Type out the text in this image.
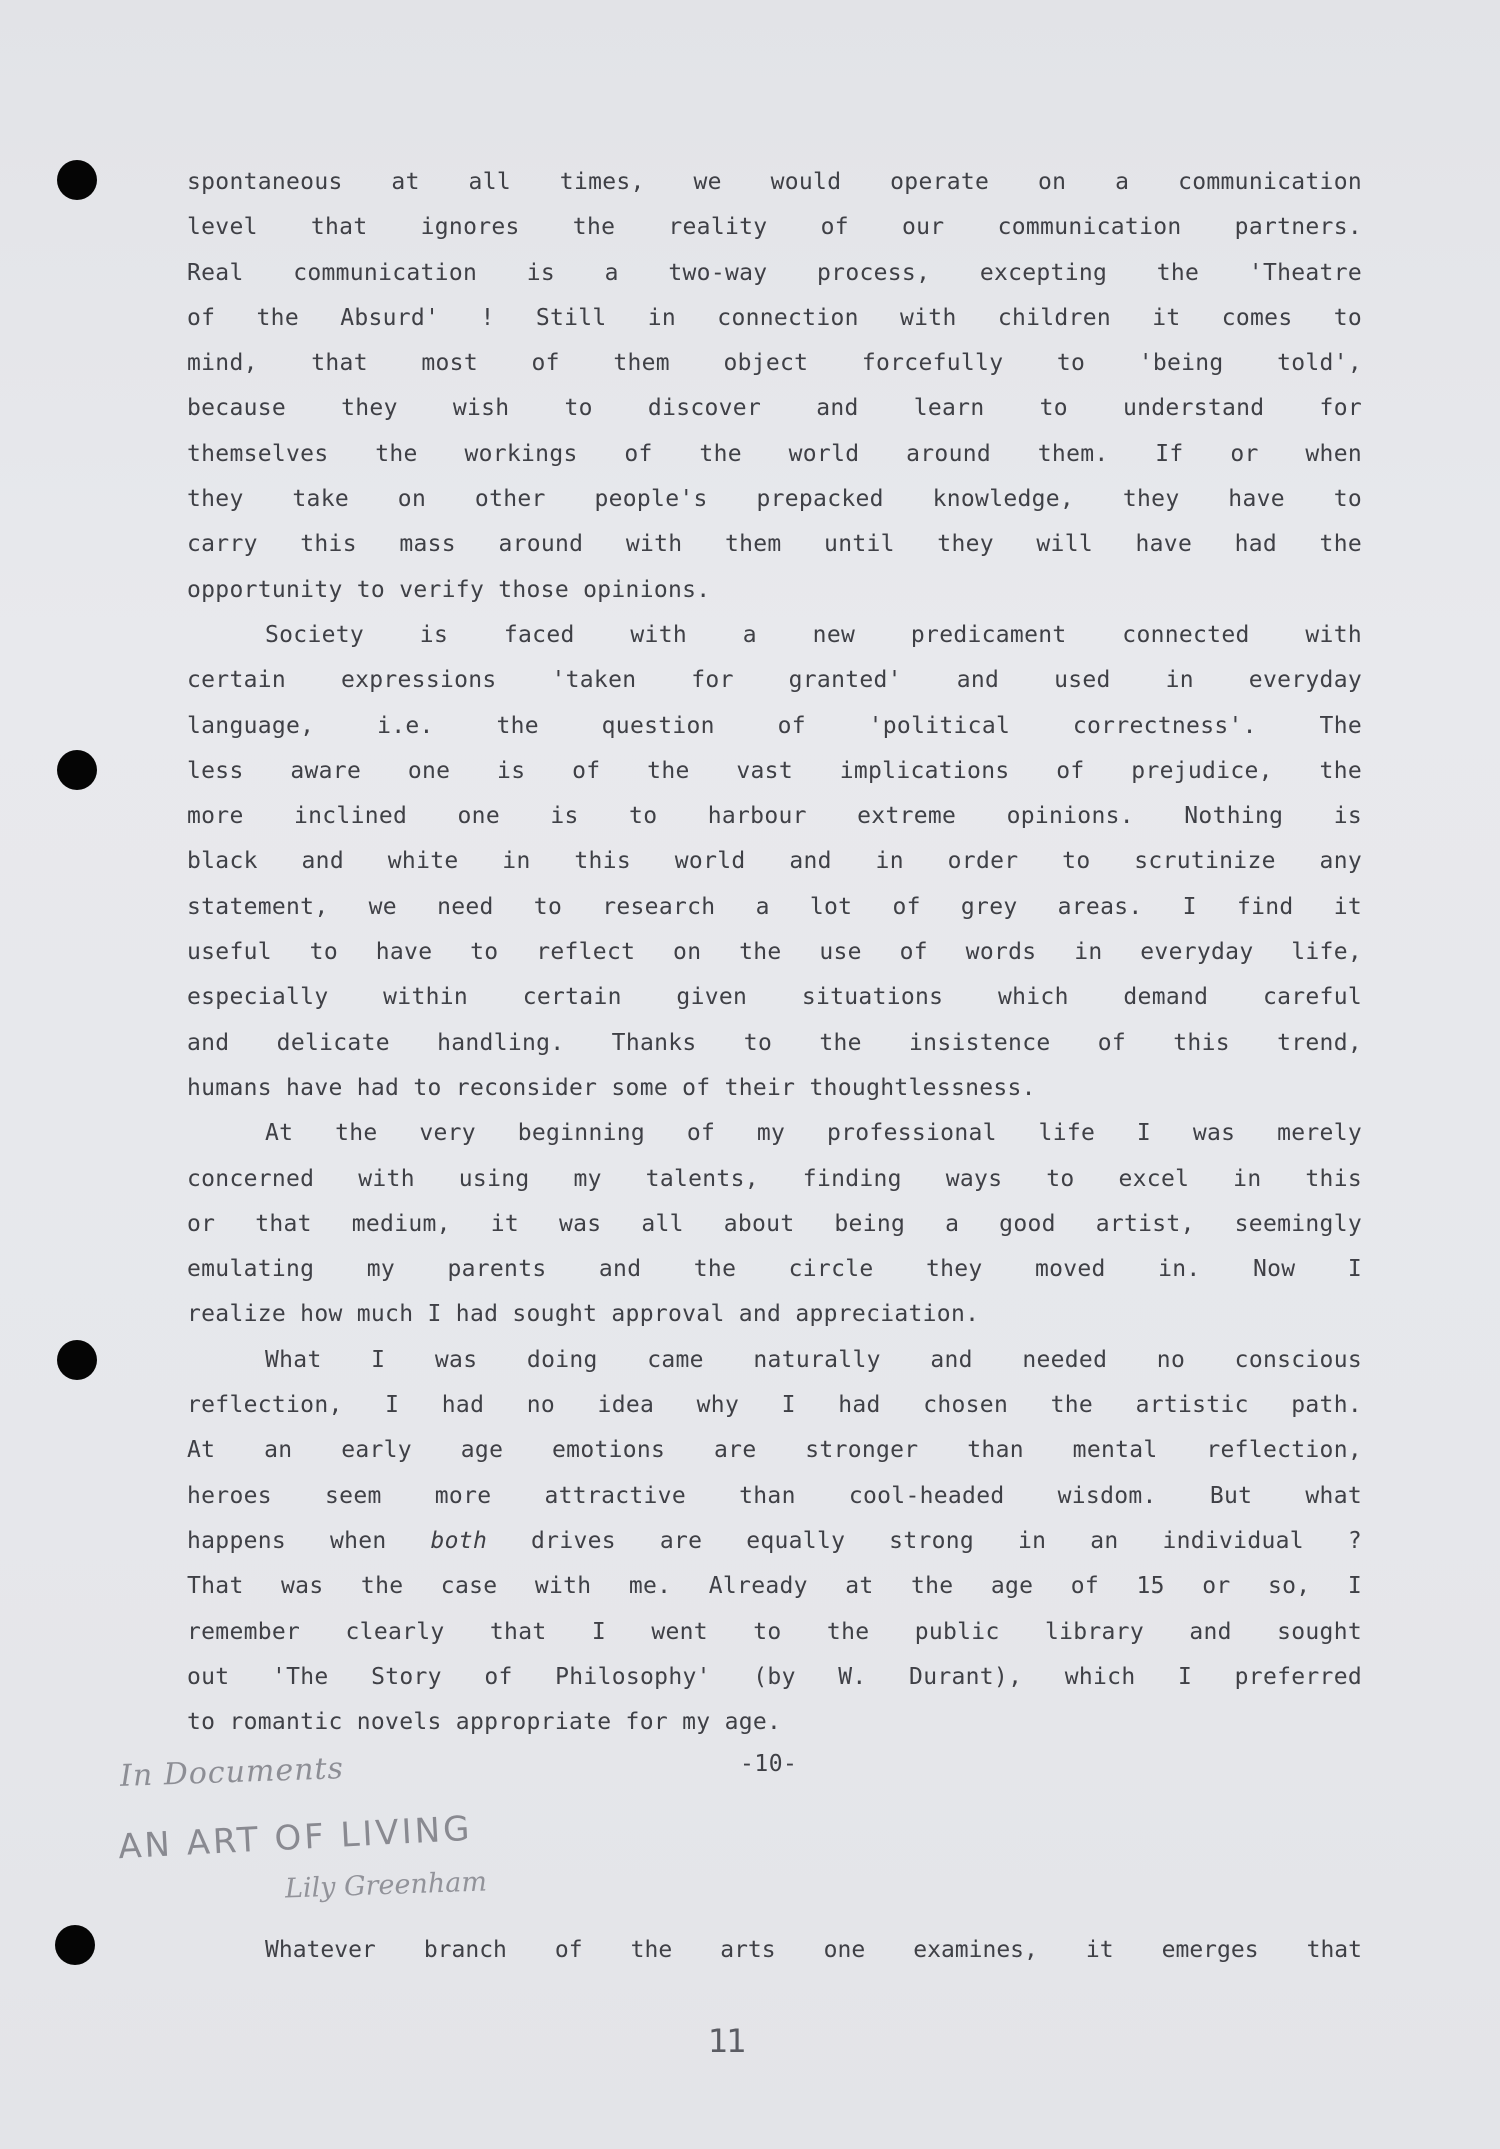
spontaneous at all times, we would operate on a communication
level that ignores the reality of our communication partners.
Real communication is a two-way process, excepting the 'Theatre
of the Absurd' ! Still in connection with children it comes to
mind, that most of them object forcefully to 'being told',
because they wish to discover and learn to understand for
themselves the workings of the world around them. If or when
they take on other people's prepacked knowledge, they have to
carry this mass around with them until they will have had the
opportunity to verify those opinions.
Society is faced with a new predicament connected with
certain expressions 'taken for granted' and used in everyday
language, i.e. the question of 'political correctness'. The
less aware one is of the vast implications of prejudice, the
more inclined one is to harbour extreme opinions. Nothing is
black and white in this world and in order to scrutinize any
statement, we need to research a lot of grey areas. I find it
useful to have to reflect on the use of words in everyday life,
especially within certain given situations which demand careful
and delicate handling. Thanks to the insistence of this trend,
humans have had to reconsider some of their thoughtlessness.
At the very beginning of my professional life I was merely
concerned with using my talents, finding ways to excel in this
or that medium, it was all about being a good artist, seemingly
emulating my parents and the circle they moved in. Now I
realize how much I had sought approval and appreciation.
What I was doing came naturally and needed no conscious
reflection, I had no idea why I had chosen the artistic path.
At an early age emotions are stronger than mental reflection,
heroes seem more attractive than cool-headed wisdom. But what
happens when both drives are equally strong in an individual ?
That was the case with me. Already at the age of 15 or so, I
remember clearly that I went to the public library and sought
out 'The Story of Philosophy' (by W. Durant), which I preferred
to romantic novels appropriate for my age.
-10-
In Documents
AN ART OF LIVING
Lily Greenham
Whatever branch of the arts one examines, it emerges that
11
